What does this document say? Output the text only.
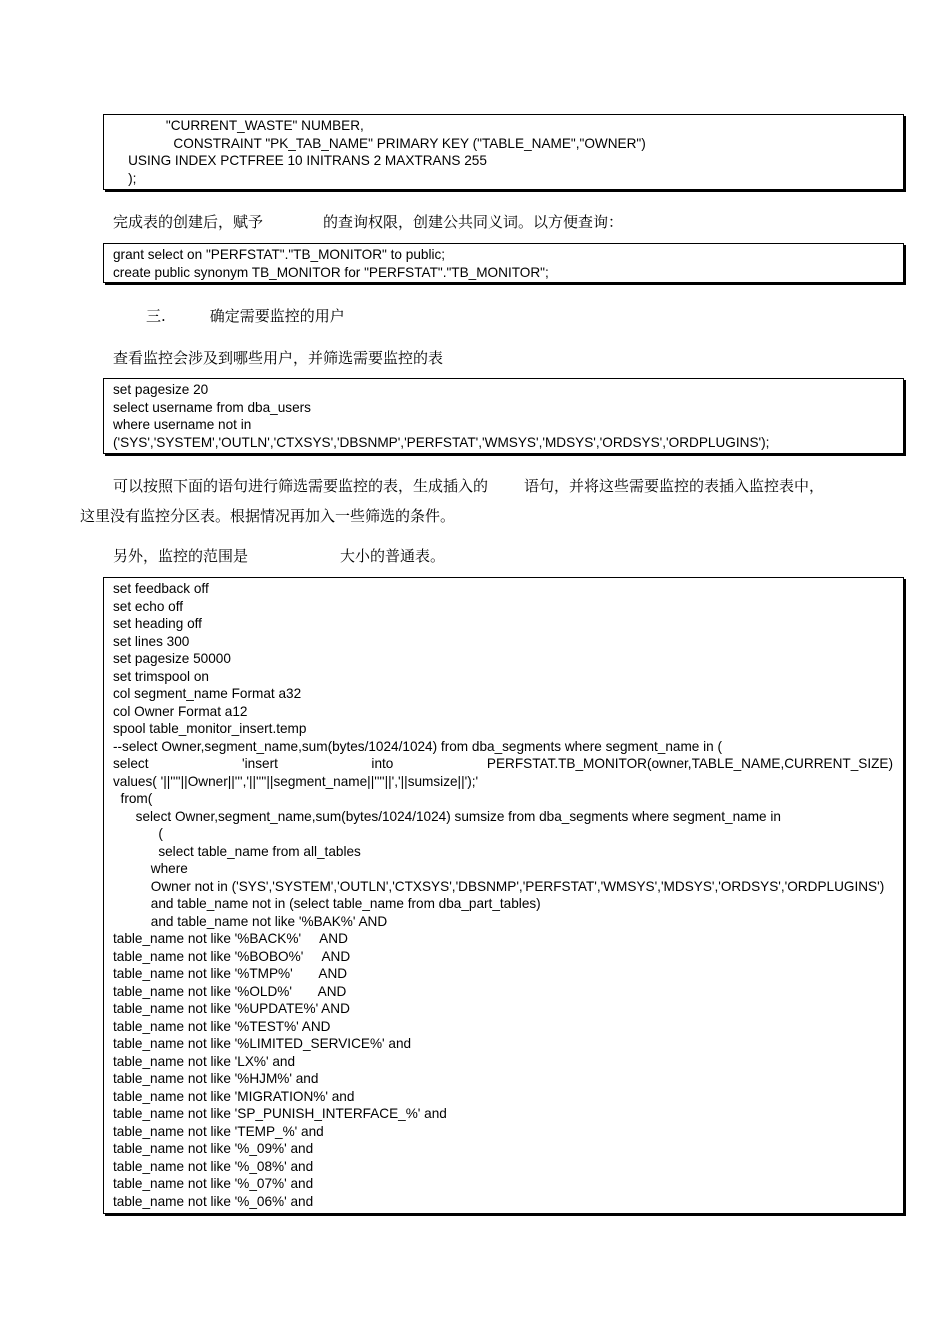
"CURRENT_WASTE" NUMBER,
CONSTRAINT "PK_TAB_NAME" PRIMARY KEY ("TABLE_NAME","OWNER")
USING INDEX PCTFREE 10 INITRANS 2 MAXTRANS 255
);
完成表的创建后，赋予	的查询权限，创建公共同义词。以方便查询：
grant select on "PERFSTAT"."TB_MONITOR" to public;
create public synonym TB_MONITOR for "PERFSTAT"."TB_MONITOR";
三.	确定需要监控的用户
查看监控会涉及到哪些用户，并筛选需要监控的表
set pagesize 20
select username from dba_users
where username not in
('SYS','SYSTEM','OUTLN','CTXSYS','DBSNMP','PERFSTAT','WMSYS','MDSYS','ORDSYS','ORDPLUGINS');
可以按照下面的语句进行筛选需要监控的表，生成插入的 语句，并将这些需要监控的表插入监控表中，
这里没有监控分区表。根据情况再加入一些筛选的条件。
另外，监控的范围是	大小的普通表。
set feedback off
set echo off
set heading off
set lines 300
set pagesize 50000
set trimspool on
col segment_name Format a32
col Owner Format a12
spool table_monitor_insert.temp
--select Owner,segment_name,sum(bytes/1024/1024) from dba_segments where segment_name in (
select 'insert into PERFSTAT.TB_MONITOR(owner,TABLE_NAME,CURRENT_SIZE)
values( '||''''||Owner||''','||''''||segment_name||''''||','||sumsize||');'
from(
select Owner,segment_name,sum(bytes/1024/1024) sumsize from dba_segments where segment_name in
(
select table_name from all_tables
where
Owner not in ('SYS','SYSTEM','OUTLN','CTXSYS','DBSNMP','PERFSTAT','WMSYS','MDSYS','ORDSYS','ORDPLUGINS')
and table_name not in (select table_name from dba_part_tables)
and table_name not like '%BAK%' AND
table_name not like '%BACK%'     AND
table_name not like '%BOBO%'     AND
table_name not like '%TMP%'       AND
table_name not like '%OLD%'       AND
table_name not like '%UPDATE%' AND
table_name not like '%TEST%' AND
table_name not like '%LIMITED_SERVICE%' and
table_name not like 'LX%' and
table_name not like '%HJM%' and
table_name not like 'MIGRATION%' and
table_name not like 'SP_PUNISH_INTERFACE_%' and
table_name not like 'TEMP_%' and
table_name not like '%_09%' and
table_name not like '%_08%' and
table_name not like '%_07%' and
table_name not like '%_06%' and
